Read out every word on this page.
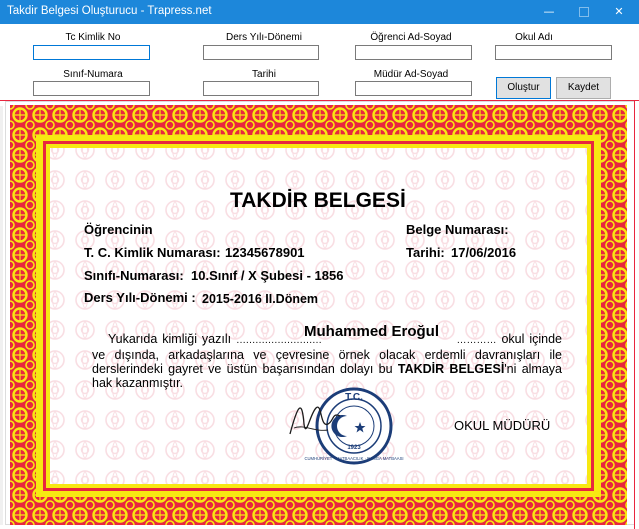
Takdir Belgesi Oluşturucu - Trapress.net	—	✕
Tc Kimlik No	Ders Yılı-Dönemi	Öğrenci Ad-Soyad	Okul Adı
Sınıf-Numara	Tarihi	Müdür Ad-Soyad
Oluştur	Kaydet
T.C.
1923
CUMHURİYET · MATBAACILIK · BANGA MATBAASI
TAKDİR BELGESİ
Öğrencinin	Belge Numarası:
T. C. Kimlik Numarası: 12345678901	Tarihi: 17/06/2016
Sınıfı-Numarası: 10.Sınıf / X Şubesi - 1856
Ders Yılı-Dönemi : 2015-2016 II.Dönem
Muhammed Eroğul
Yukarıda kimliği yazılı ………………………	………… okul içinde ve dışında, arkadaşlarına ve çevresine örnek olacak erdemli davranışları ile derslerindeki gayret ve üstün başarısından dolayı bu TAKDİR BELGESİ'ni almaya hak kazanmıştır.
OKUL MÜDÜRÜ
